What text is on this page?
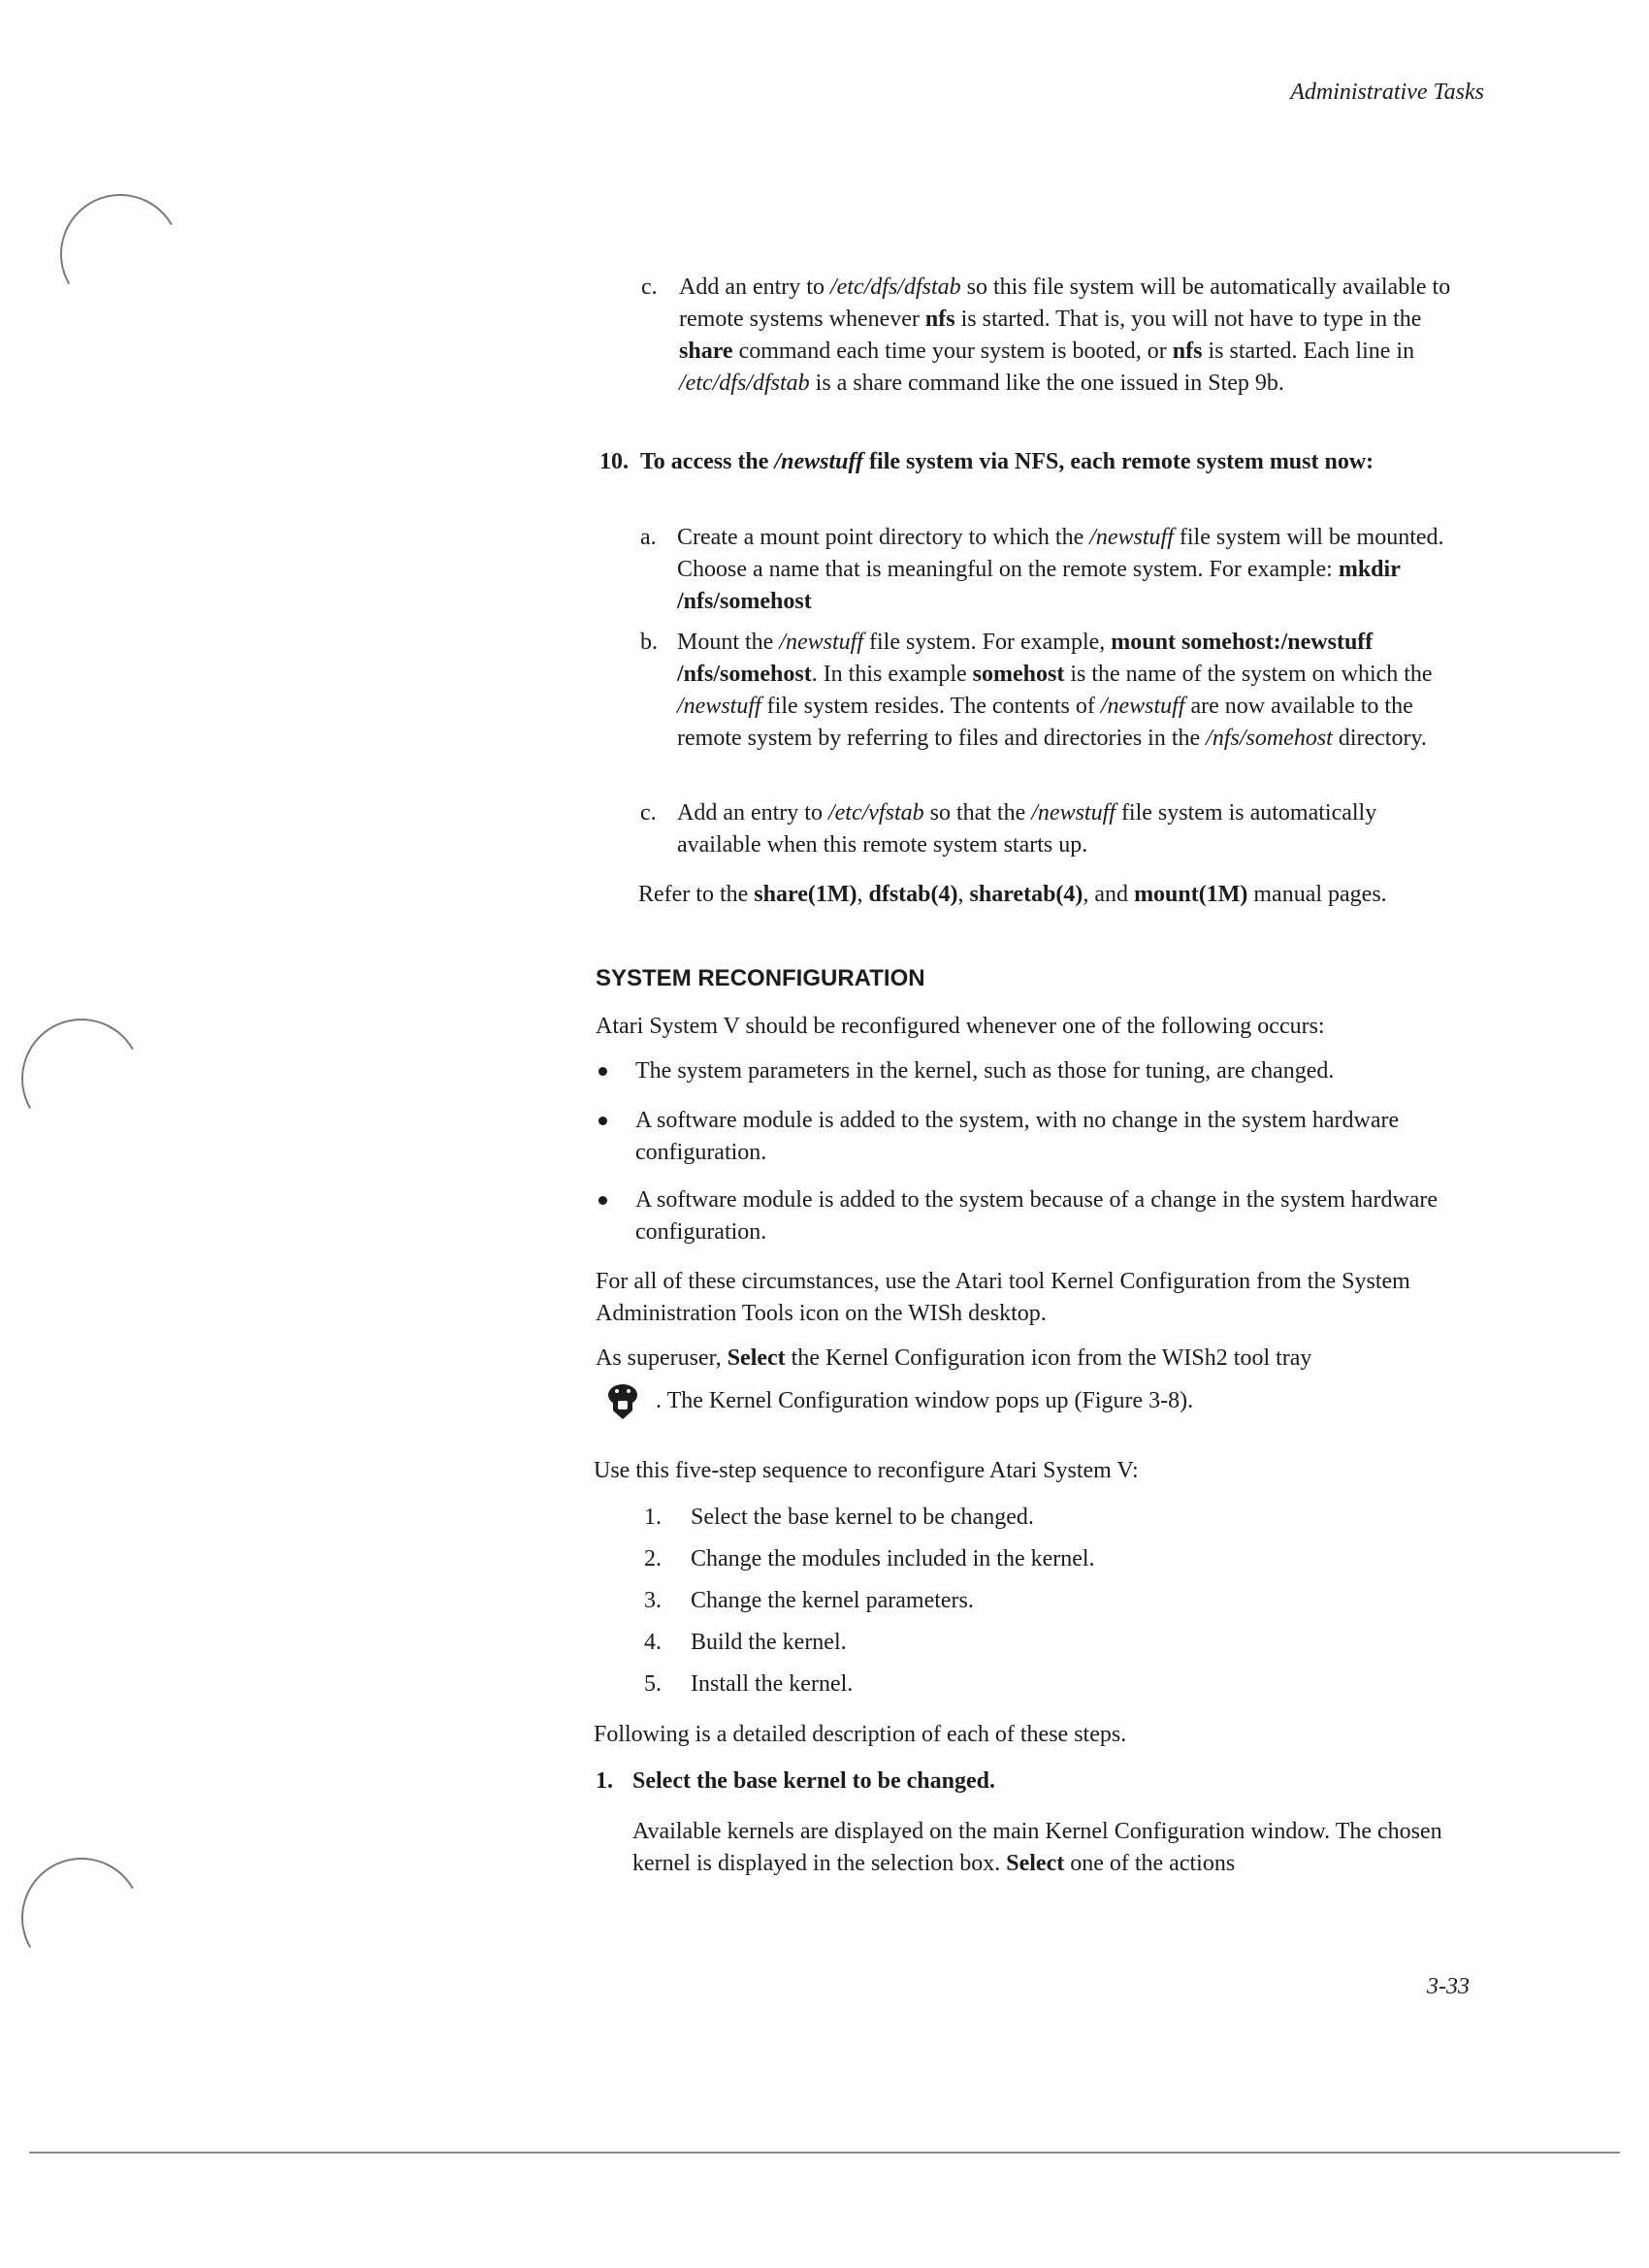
Administrative Tasks
c. Add an entry to /etc/dfs/dfstab so this file system will be automatically available to remote systems whenever nfs is started. That is, you will not have to type in the share command each time your system is booted, or nfs is started. Each line in /etc/dfs/dfstab is a share command like the one issued in Step 9b.
10. To access the /newstuff file system via NFS, each remote system must now:
a. Create a mount point directory to which the /newstuff file system will be mounted. Choose a name that is meaningful on the remote system. For example: mkdir /nfs/somehost
b. Mount the /newstuff file system. For example, mount somehost:/newstuff /nfs/somehost. In this example somehost is the name of the system on which the /newstuff file system resides. The contents of /newstuff are now available to the remote system by referring to files and directories in the /nfs/somehost directory.
c. Add an entry to /etc/vfstab so that the /newstuff file system is automatically available when this remote system starts up.
Refer to the share(1M), dfstab(4), sharetab(4), and mount(1M) manual pages.
SYSTEM RECONFIGURATION
Atari System V should be reconfigured whenever one of the following occurs:
The system parameters in the kernel, such as those for tuning, are changed.
A software module is added to the system, with no change in the system hardware configuration.
A software module is added to the system because of a change in the system hardware configuration.
For all of these circumstances, use the Atari tool Kernel Configuration from the System Administration Tools icon on the WISh desktop.
As superuser, Select the Kernel Configuration icon from the WISh2 tool tray
. The Kernel Configuration window pops up (Figure 3-8).
Use this five-step sequence to reconfigure Atari System V:
1. Select the base kernel to be changed.
2. Change the modules included in the kernel.
3. Change the kernel parameters.
4. Build the kernel.
5. Install the kernel.
Following is a detailed description of each of these steps.
1. Select the base kernel to be changed.
Available kernels are displayed on the main Kernel Configuration window. The chosen kernel is displayed in the selection box. Select one of the actions
3-33
